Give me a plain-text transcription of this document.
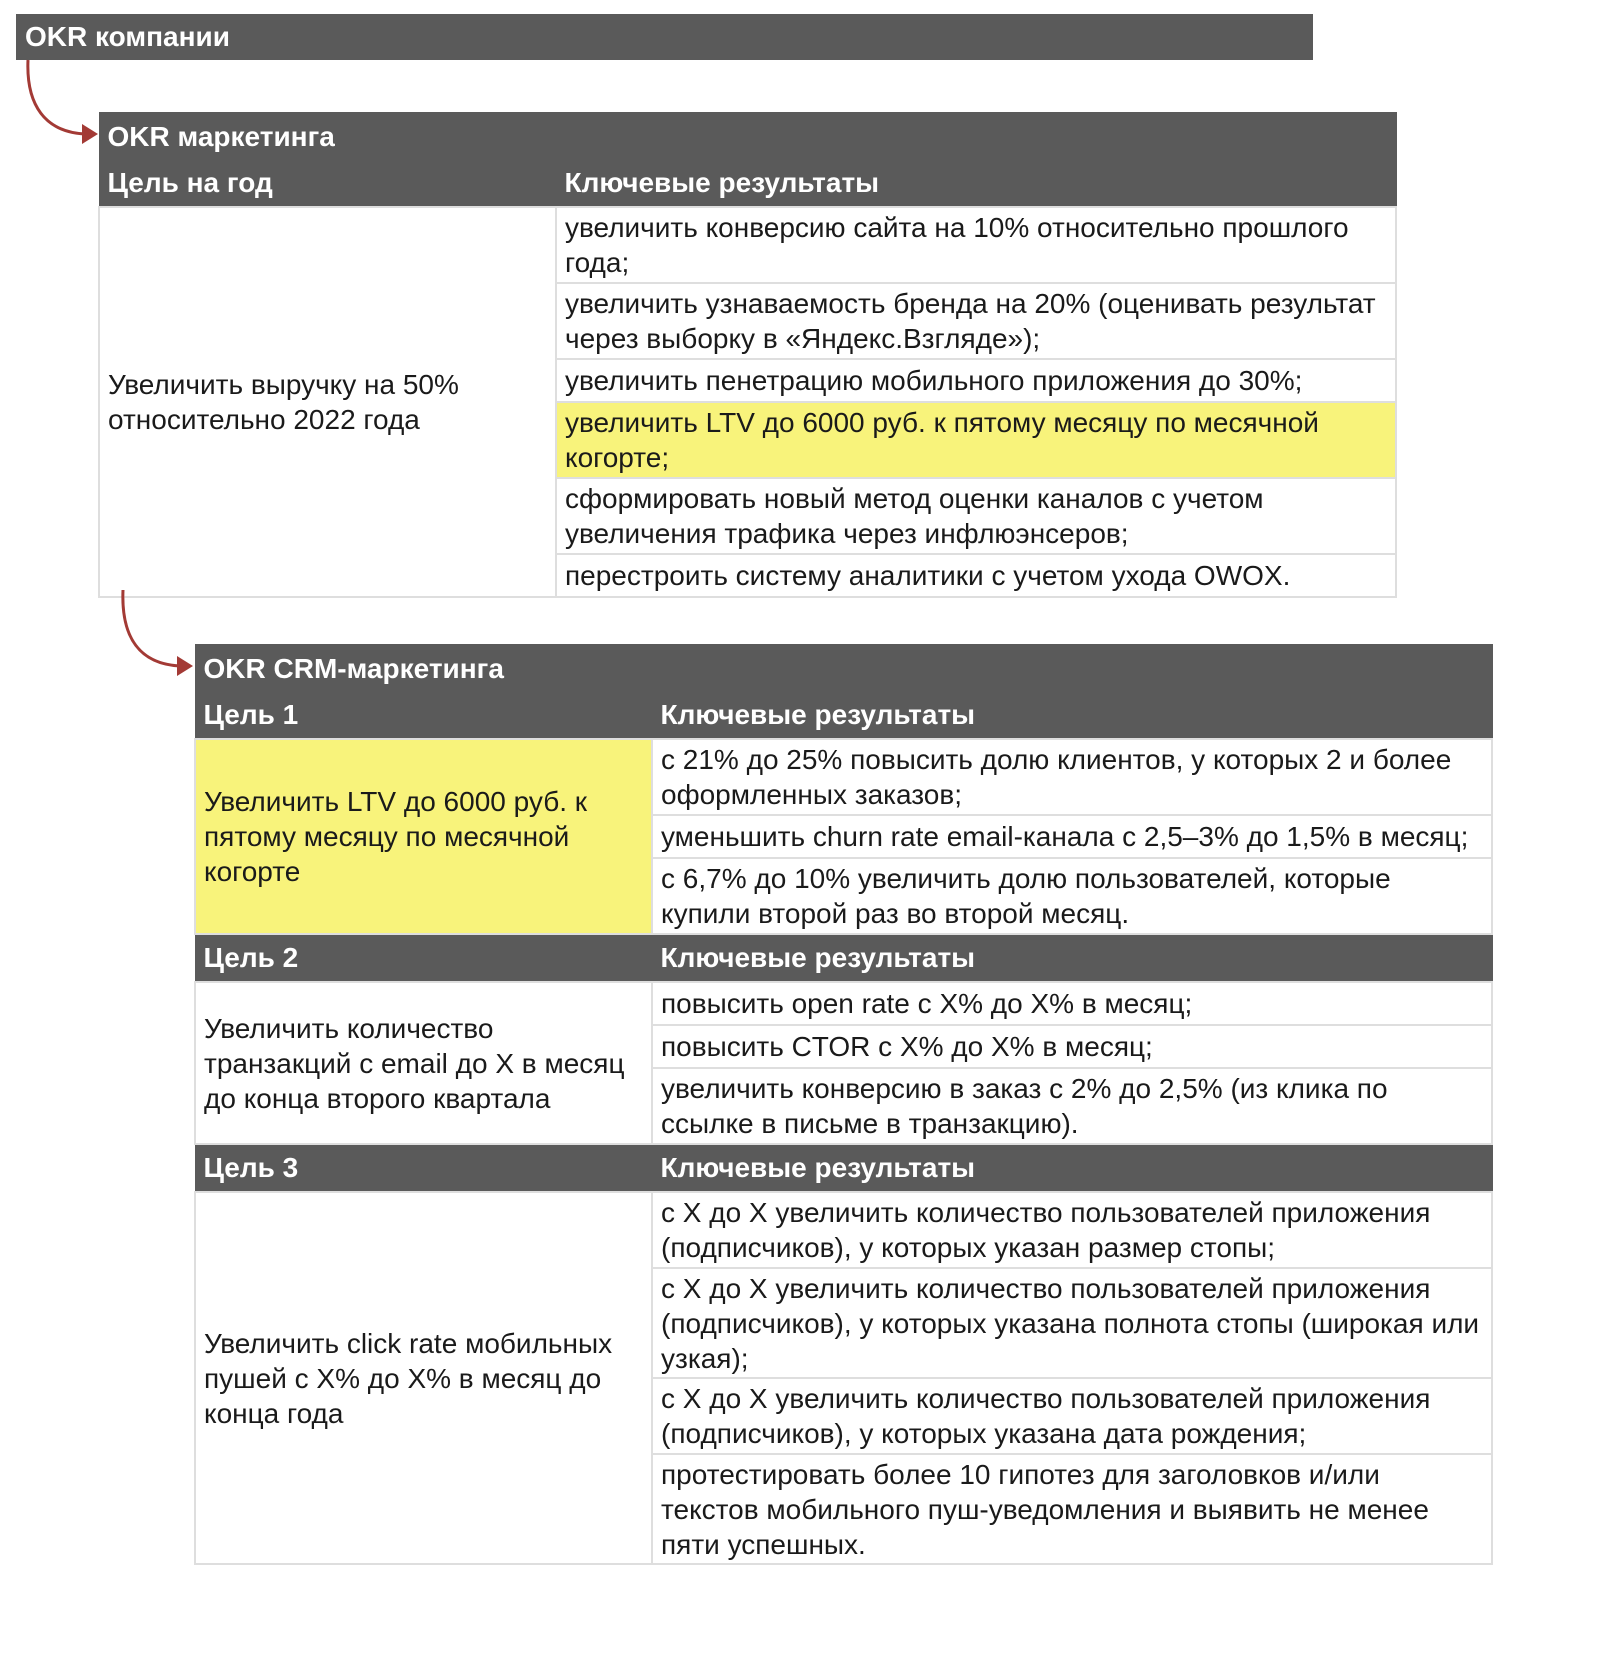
OKR компании
OKR маркетинга	
Цель на год	Ключевые результаты
Увеличить выручку на 50% относительно 2022 года	увеличить конверсию сайта на 10% относительно прошлого года;
	увеличить узнаваемость бренда на 20% (оценивать результат через выборку в «Яндекс.Взгляде»);
	увеличить пенетрацию мобильного приложения до 30%;
	увеличить LTV до 6000 руб. к пятому месяцу по месячной когорте;
	сформировать новый метод оценки каналов с учетом увеличения трафика через инфлюэнсеров;
	перестроить систему аналитики с учетом ухода OWOX.
OKR CRM-маркетинга	
Цель 1	Ключевые результаты
Увеличить LTV до 6000 руб. к пятому месяцу по месячной когорте	с 21% до 25% повысить долю клиентов, у которых 2 и более оформленных заказов;
	уменьшить churn rate email-канала с 2,5–3% до 1,5% в месяц;
	с 6,7% до 10% увеличить долю пользователей, которые купили второй раз во второй месяц.
Цель 2	Ключевые результаты
Увеличить количество транзакций с email до X в месяц до конца второго квартала	повысить open rate с X% до X% в месяц;
	повысить CTOR с X% до X% в месяц;
	увеличить конверсию в заказ с 2% до 2,5% (из клика по ссылке в письме в транзакцию).
Цель 3	Ключевые результаты
Увеличить click rate мобильных пушей с X% до X% в месяц до конца года	с X до X увеличить количество пользователей приложения (подписчиков), у которых указан размер стопы;
	с X до X увеличить количество пользователей приложения (подписчиков), у которых указана полнота стопы (широкая или узкая);
	с X до X увеличить количество пользователей приложения (подписчиков), у которых указана дата рождения;
	протестировать более 10 гипотез для заголовков и/или текстов мобильного пуш-уведомления и выявить не менее пяти успешных.
